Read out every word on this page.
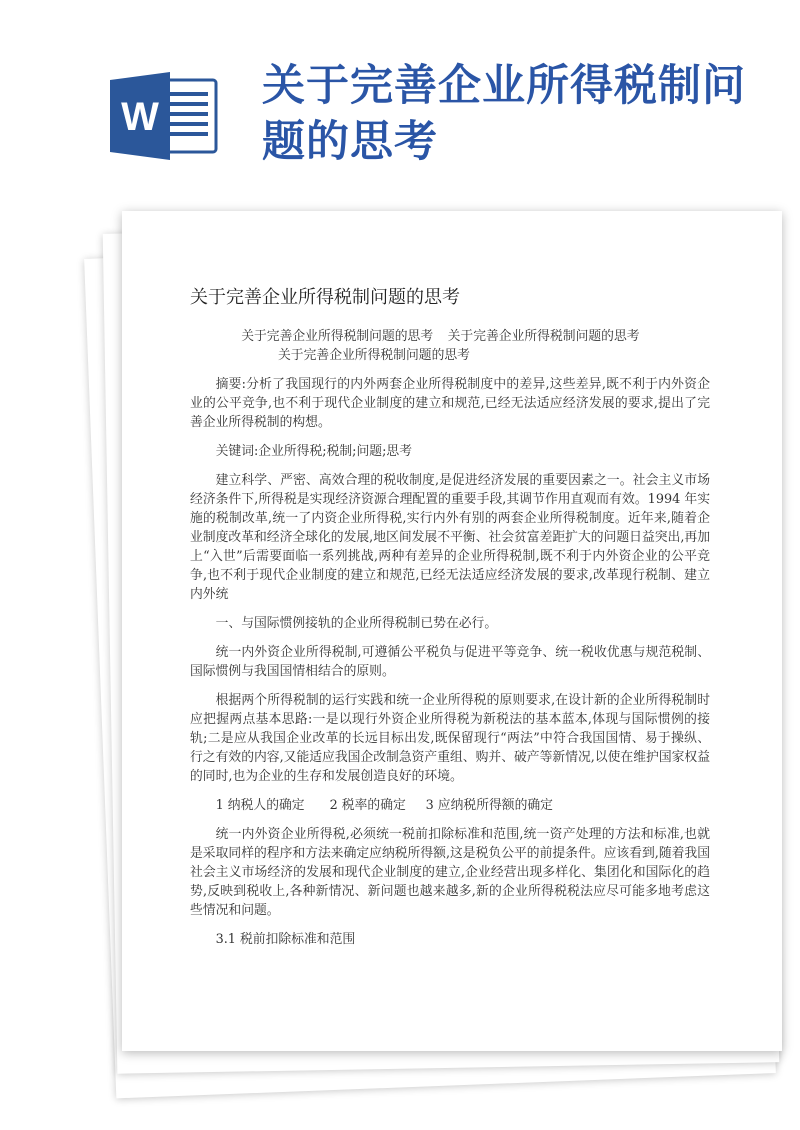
W
关于完善企业所得税制问题的思考
关于完善企业所得税制问题的思考
关于完善企业所得税制问题的思考 关于完善企业所得税制问题的思考
关于完善企业所得税制问题的思考

摘要:分析了我国现行的内外两套企业所得税制度中的差异,这些差异,既不利于内外资企业的公平竞争,也不利于现代企业制度的建立和规范,已经无法适应经济发展的要求,提出了完善企业所得税制的构想。

关键词:企业所得税;税制;问题;思考

建立科学、严密、高效合理的税收制度,是促进经济发展的重要因素之一。社会主义市场经济条件下,所得税是实现经济资源合理配置的重要手段,其调节作用直观而有效。1994 年实施的税制改革,统一了内资企业所得税,实行内外有别的两套企业所得税制度。近年来,随着企业制度改革和经济全球化的发展,地区间发展不平衡、社会贫富差距扩大的问题日益突出,再加上“入世”后需要面临一系列挑战,两种有差异的企业所得税制,既不利于内外资企业的公平竞争,也不利于现代企业制度的建立和规范,已经无法适应经济发展的要求,改革现行税制、建立内外统

一、与国际惯例接轨的企业所得税制已势在必行。

统一内外资企业所得税制,可遵循公平税负与促进平等竞争、统一税收优惠与规范税制、国际惯例与我国国情相结合的原则。

根据两个所得税制的运行实践和统一企业所得税的原则要求,在设计新的企业所得税制时应把握两点基本思路:一是以现行外资企业所得税为新税法的基本蓝本,体现与国际惯例的接轨;二是应从我国企业改革的长远目标出发,既保留现行“两法”中符合我国国情、易于操纵、行之有效的内容,又能适应我国企改制急资产重组、购并、破产等新情况,以使在维护国家权益的同时,也为企业的生存和发展创造良好的环境。

1 纳税人的确定 2 税率的确定 3 应纳税所得额的确定

统一内外资企业所得税,必须统一税前扣除标准和范围,统一资产处理的方法和标准,也就是采取同样的程序和方法来确定应纳税所得额,这是税负公平的前提条件。应该看到,随着我国社会主义市场经济的发展和现代企业制度的建立,企业经营出现多样化、集团化和国际化的趋势,反映到税收上,各种新情况、新问题也越来越多,新的企业所得税税法应尽可能多地考虑这些情况和问题。

3.1 税前扣除标准和范围
